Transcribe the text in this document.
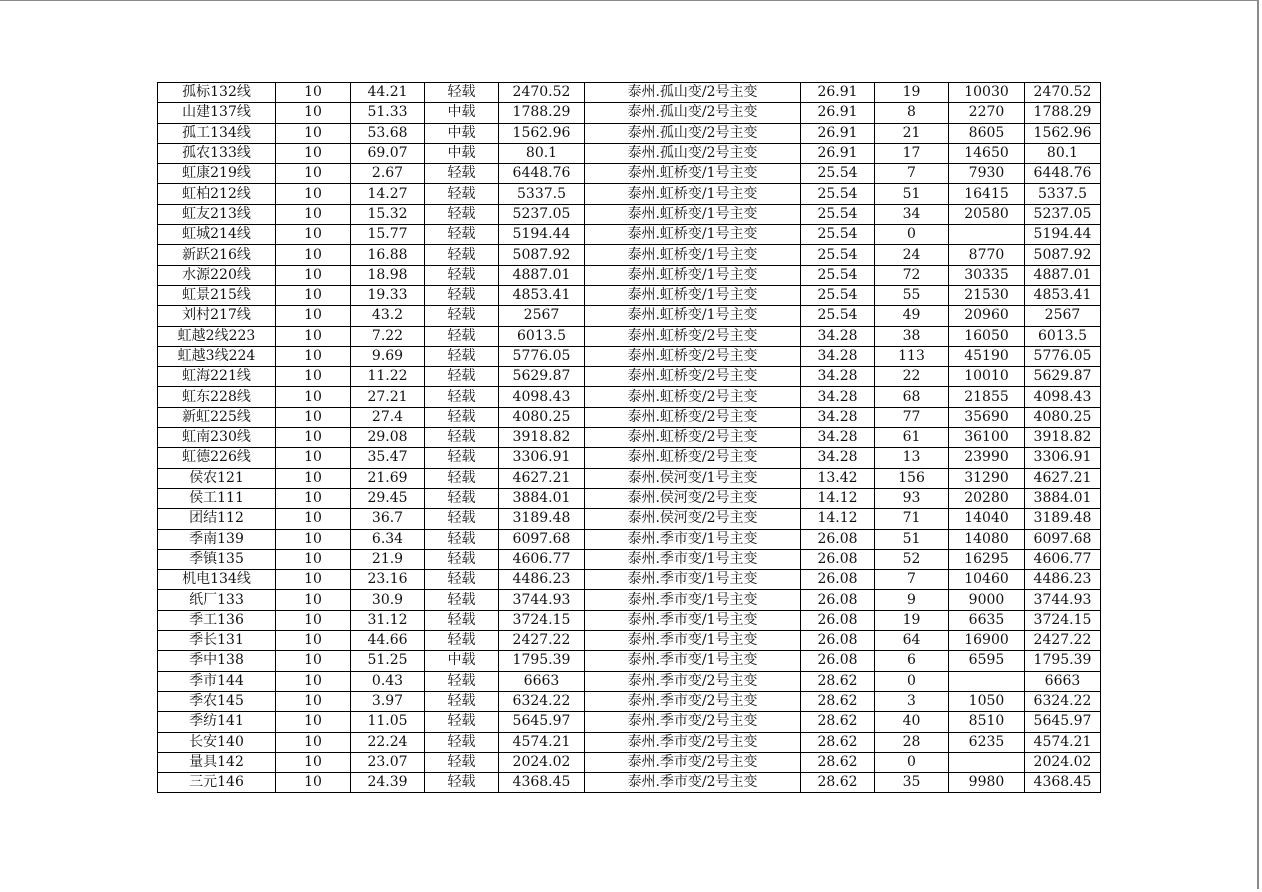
孤标132线	10	44.21	轻载	2470.52	泰州.孤山变/2号主变	26.91	19	10030	2470.52
山建137线	10	51.33	中载	1788.29	泰州.孤山变/2号主变	26.91	8	2270	1788.29
孤工134线	10	53.68	中载	1562.96	泰州.孤山变/2号主变	26.91	21	8605	1562.96
孤农133线	10	69.07	中载	80.1	泰州.孤山变/2号主变	26.91	17	14650	80.1
虹康219线	10	2.67	轻载	6448.76	泰州.虹桥变/1号主变	25.54	7	7930	6448.76
虹柏212线	10	14.27	轻载	5337.5	泰州.虹桥变/1号主变	25.54	51	16415	5337.5
虹友213线	10	15.32	轻载	5237.05	泰州.虹桥变/1号主变	25.54	34	20580	5237.05
虹城214线	10	15.77	轻载	5194.44	泰州.虹桥变/1号主变	25.54	0		5194.44
新跃216线	10	16.88	轻载	5087.92	泰州.虹桥变/1号主变	25.54	24	8770	5087.92
水源220线	10	18.98	轻载	4887.01	泰州.虹桥变/1号主变	25.54	72	30335	4887.01
虹景215线	10	19.33	轻载	4853.41	泰州.虹桥变/1号主变	25.54	55	21530	4853.41
刘村217线	10	43.2	轻载	2567	泰州.虹桥变/1号主变	25.54	49	20960	2567
虹越2线223	10	7.22	轻载	6013.5	泰州.虹桥变/2号主变	34.28	38	16050	6013.5
虹越3线224	10	9.69	轻载	5776.05	泰州.虹桥变/2号主变	34.28	113	45190	5776.05
虹海221线	10	11.22	轻载	5629.87	泰州.虹桥变/2号主变	34.28	22	10010	5629.87
虹东228线	10	27.21	轻载	4098.43	泰州.虹桥变/2号主变	34.28	68	21855	4098.43
新虹225线	10	27.4	轻载	4080.25	泰州.虹桥变/2号主变	34.28	77	35690	4080.25
虹南230线	10	29.08	轻载	3918.82	泰州.虹桥变/2号主变	34.28	61	36100	3918.82
虹德226线	10	35.47	轻载	3306.91	泰州.虹桥变/2号主变	34.28	13	23990	3306.91
侯农121	10	21.69	轻载	4627.21	泰州.侯河变/1号主变	13.42	156	31290	4627.21
侯工111	10	29.45	轻载	3884.01	泰州.侯河变/2号主变	14.12	93	20280	3884.01
团结112	10	36.7	轻载	3189.48	泰州.侯河变/2号主变	14.12	71	14040	3189.48
季南139	10	6.34	轻载	6097.68	泰州.季市变/1号主变	26.08	51	14080	6097.68
季镇135	10	21.9	轻载	4606.77	泰州.季市变/1号主变	26.08	52	16295	4606.77
机电134线	10	23.16	轻载	4486.23	泰州.季市变/1号主变	26.08	7	10460	4486.23
纸厂133	10	30.9	轻载	3744.93	泰州.季市变/1号主变	26.08	9	9000	3744.93
季工136	10	31.12	轻载	3724.15	泰州.季市变/1号主变	26.08	19	6635	3724.15
季长131	10	44.66	轻载	2427.22	泰州.季市变/1号主变	26.08	64	16900	2427.22
季中138	10	51.25	中载	1795.39	泰州.季市变/1号主变	26.08	6	6595	1795.39
季市144	10	0.43	轻载	6663	泰州.季市变/2号主变	28.62	0		6663
季农145	10	3.97	轻载	6324.22	泰州.季市变/2号主变	28.62	3	1050	6324.22
季纺141	10	11.05	轻载	5645.97	泰州.季市变/2号主变	28.62	40	8510	5645.97
长安140	10	22.24	轻载	4574.21	泰州.季市变/2号主变	28.62	28	6235	4574.21
量具142	10	23.07	轻载	2024.02	泰州.季市变/2号主变	28.62	0		2024.02
三元146	10	24.39	轻载	4368.45	泰州.季市变/2号主变	28.62	35	9980	4368.45
